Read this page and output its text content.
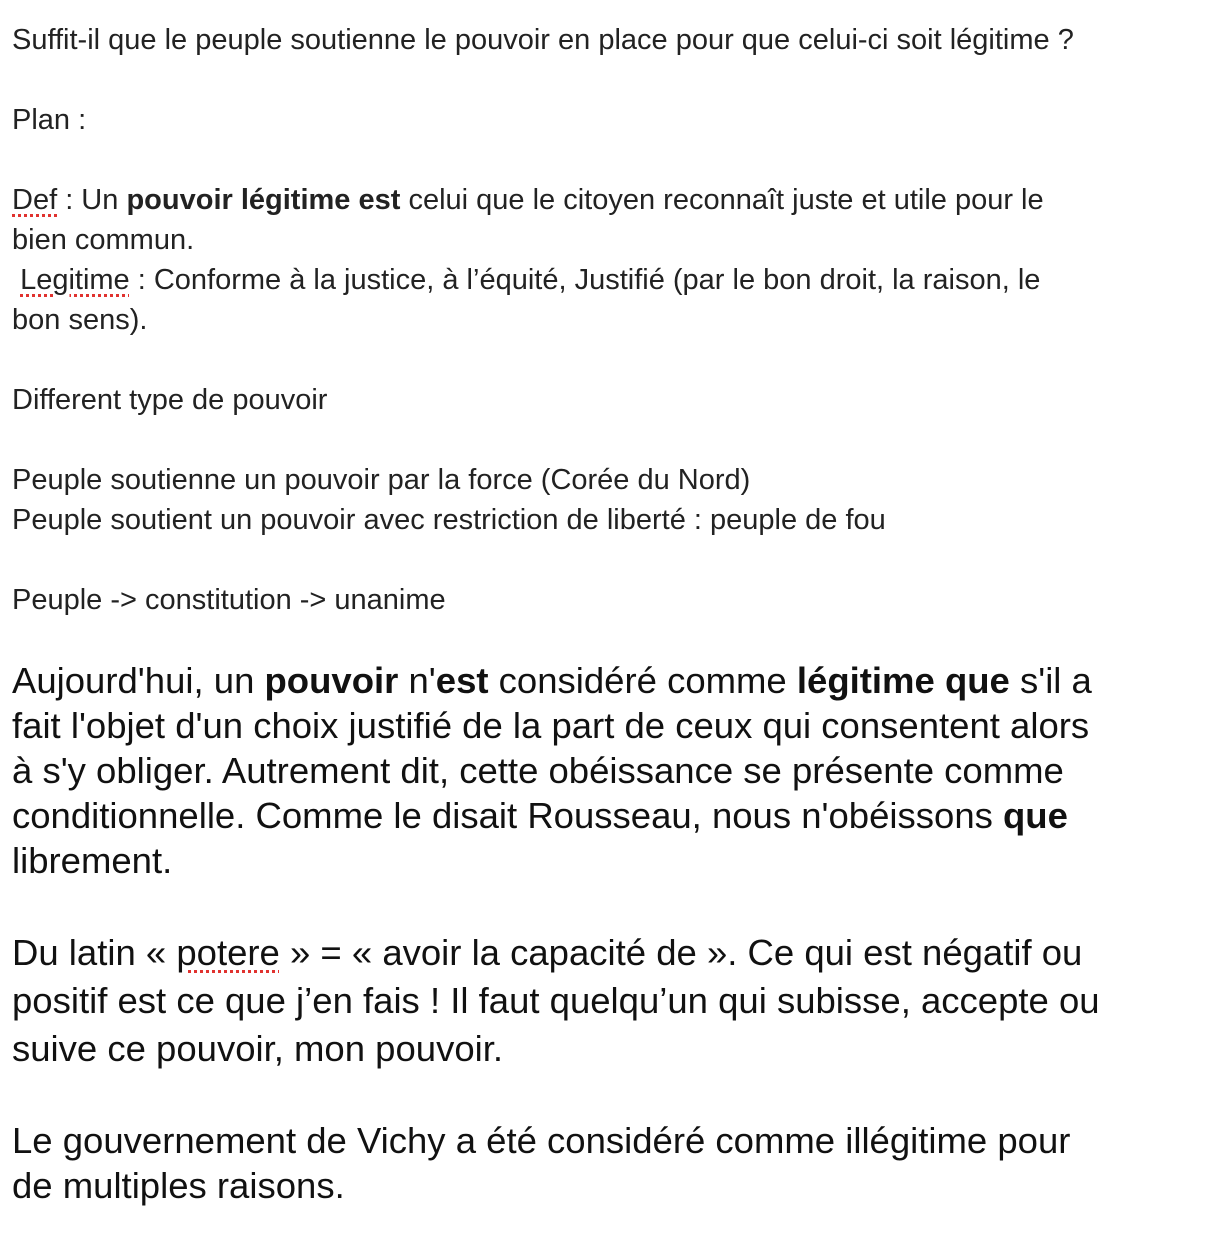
Suffit-il que le peuple soutienne le pouvoir en place pour que celui-ci soit légitime ?

Plan :

Def : Un pouvoir légitime est celui que le citoyen reconnaît juste et utile pour le

bien commun.

Legitime : Conforme à la justice, à l’équité, Justifié (par le bon droit, la raison, le

bon sens).

Different type de pouvoir

Peuple soutienne un pouvoir par la force (Corée du Nord)

Peuple soutient un pouvoir avec restriction de liberté : peuple de fou

Peuple -> constitution -> unanime

Aujourd'hui, un pouvoir n'est considéré comme légitime que s'il a

fait l'objet d'un choix justifié de la part de ceux qui consentent alors

à s'y obliger. Autrement dit, cette obéissance se présente comme

conditionnelle. Comme le disait Rousseau, nous n'obéissons que

librement.

Du latin « potere » = « avoir la capacité de ». Ce qui est négatif ou

positif est ce que j’en fais ! Il faut quelqu’un qui subisse, accepte ou

suive ce pouvoir, mon pouvoir.

Le gouvernement de Vichy a été considéré comme illégitime pour

de multiples raisons.
